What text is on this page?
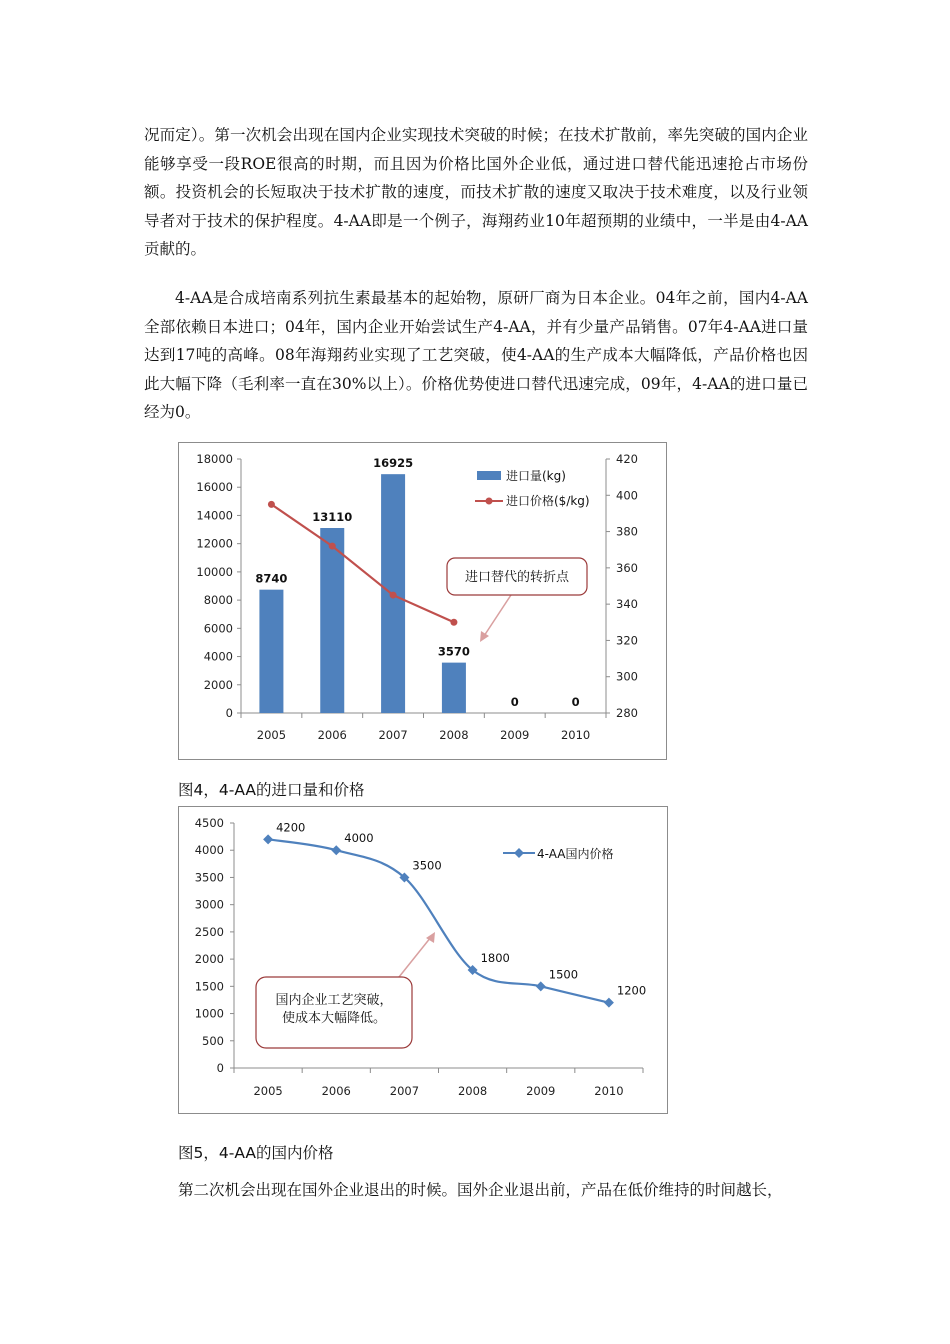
况而定）。第一次机会出现在国内企业实现技术突破的时候；在技术扩散前，率先突破的国内企业能够享受一段ROE很高的时期，而且因为价格比国外企业低，通过进口替代能迅速抢占市场份额。投资机会的长短取决于技术扩散的速度，而技术扩散的速度又取决于技术难度，以及行业领导者对于技术的保护程度。4-AA即是一个例子，海翔药业10年超预期的业绩中，一半是由4-AA贡献的。

4-AA是合成培南系列抗生素最基本的起始物，原研厂商为日本企业。04年之前，国内4-AA全部依赖日本进口；04年，国内企业开始尝试生产4-AA，并有少量产品销售。07年4-AA进口量达到17吨的高峰。08年海翔药业实现了工艺突破，使4-AA的生产成本大幅降低，产品价格也因此大幅下降（毛利率一直在30%以上）。价格优势使进口替代迅速完成，09年，4-AA的进口量已经为0。

0
2000
4000
6000
8000
10000
12000
14000
16000
18000
280
300
320
340
360
380
400
420
2005	2006	2007	2008	2009	2010
8740
13110
16925
3570
0	0
进口量(kg)
进口价格($/kg)
进口替代的转折点
图4，4-AA的进口量和价格
0
500
1000
1500
2000
2500
3000
3500
4000
4500
2005	2006	2007	2008	2009	2010
4200
4000
3500
1800
1500
1200
4-AA国内价格
国内企业工艺突破，
使成本大幅降低。
图5，4-AA的国内价格

第二次机会出现在国外企业退出的时候。国外企业退出前，产品在低价维持的时间越长，
